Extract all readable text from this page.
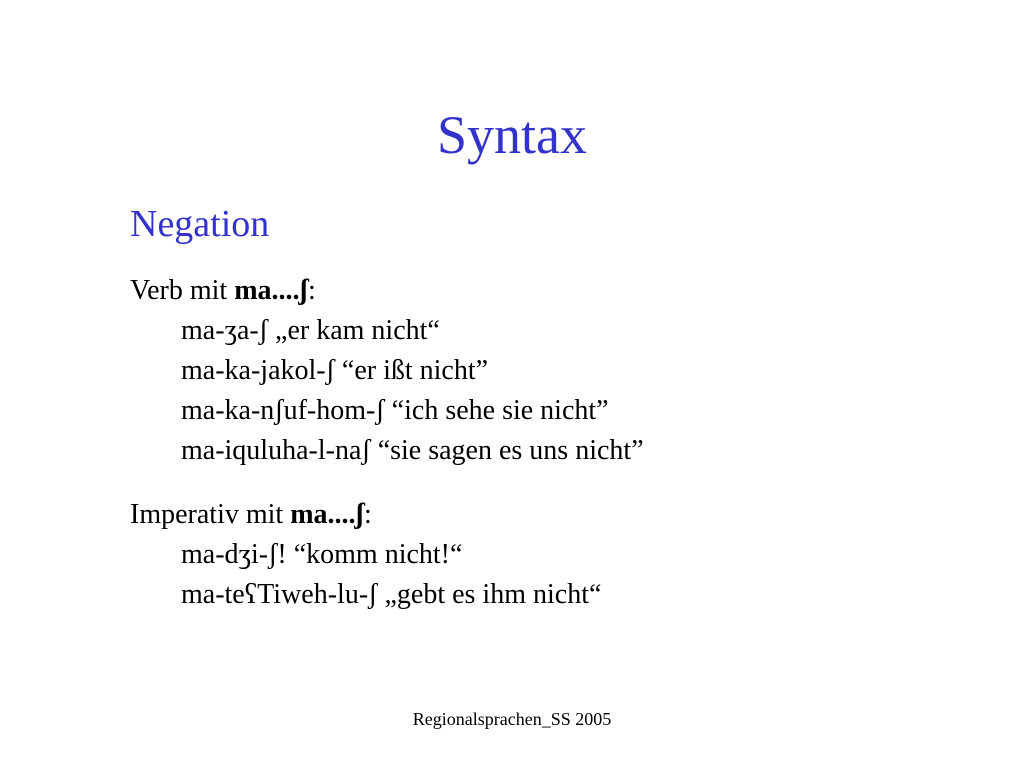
Syntax
Negation
Verb mit ma....ʃ:
ma-ʒa-ʃ „er kam nicht“
ma-ka-jakol-ʃ “er ißt nicht”
ma-ka-nʃuf-hom-ʃ “ich sehe sie nicht”
ma-iquluha-l-naʃ “sie sagen es uns nicht”
Imperativ mit ma....ʃ:
ma-dʒi-ʃ! “komm nicht!“
ma-teʕTiweh-lu-ʃ „gebt es ihm nicht“
Regionalsprachen_SS 2005
